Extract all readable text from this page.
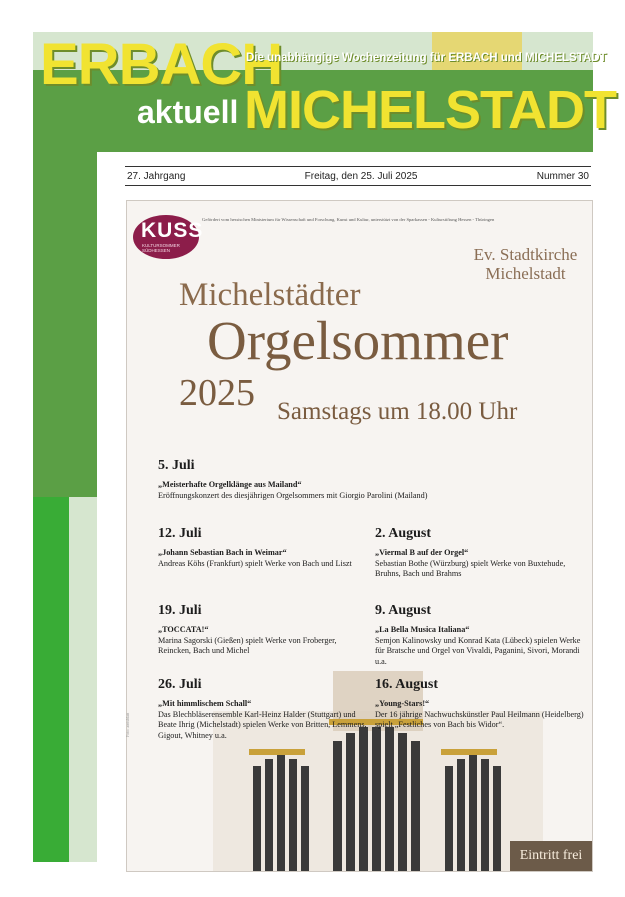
ERBACH
Die unabhängige Wochenzeitung für ERBACH und MICHELSTADT
aktuell MICHELSTADT
27. Jahrgang	Freitag, den 25. Juli 2025	Nummer 30
KUSS
KULTURSOMMER SÜDHESSEN
Gefördert vom hessischen Ministerium für Wissenschaft und Forschung, Kunst und Kultur, unterstützt von der Sparkassen - Kulturstiftung Hessen - Thüringen
Ev. Stadtkirche
Michelstadt
Michelstädter
Orgelsommer
2025 Samstags um 18.00 Uhr
5. Juli
„Meisterhafte Orgelklänge aus Mailand“
Eröffnungskonzert des diesjährigen Orgelsommers mit Giorgio Parolini (Mailand)
12. Juli
„Johann Sebastian Bach in Weimar“
Andreas Köhs (Frankfurt) spielt Werke von Bach und Liszt
2. August
„Viermal B auf der Orgel“
Sebastian Bothe (Würzburg) spielt Werke von Buxtehude, Bruhns, Bach und Brahms
19. Juli
„TOCCATA!“
Marina Sagorski (Gießen) spielt Werke von Froberger, Reincken, Bach und Michel
9. August
„La Bella Musica Italiana“
Semjon Kalinowsky und Konrad Kata (Lübeck) spielen Werke für Bratsche und Orgel von Vivaldi, Paganini, Sivori, Morandi u.a.
26. Juli
„Mit himmlischem Schall“
Das Blechbläserensemble Karl-Heinz Halder (Stuttgart) und Beate Ihrig (Michelstadt) spielen Werke von Britten, Lemmens, Gigout, Whitney u.a.
16. August
„Young-Stars!“
Der 16 jährige Nachwuchskünstler Paul Heilmann (Heidelberg) spielt „Festliches von Bach bis Widor“.
Foto: amtsblatt
Eintritt frei
